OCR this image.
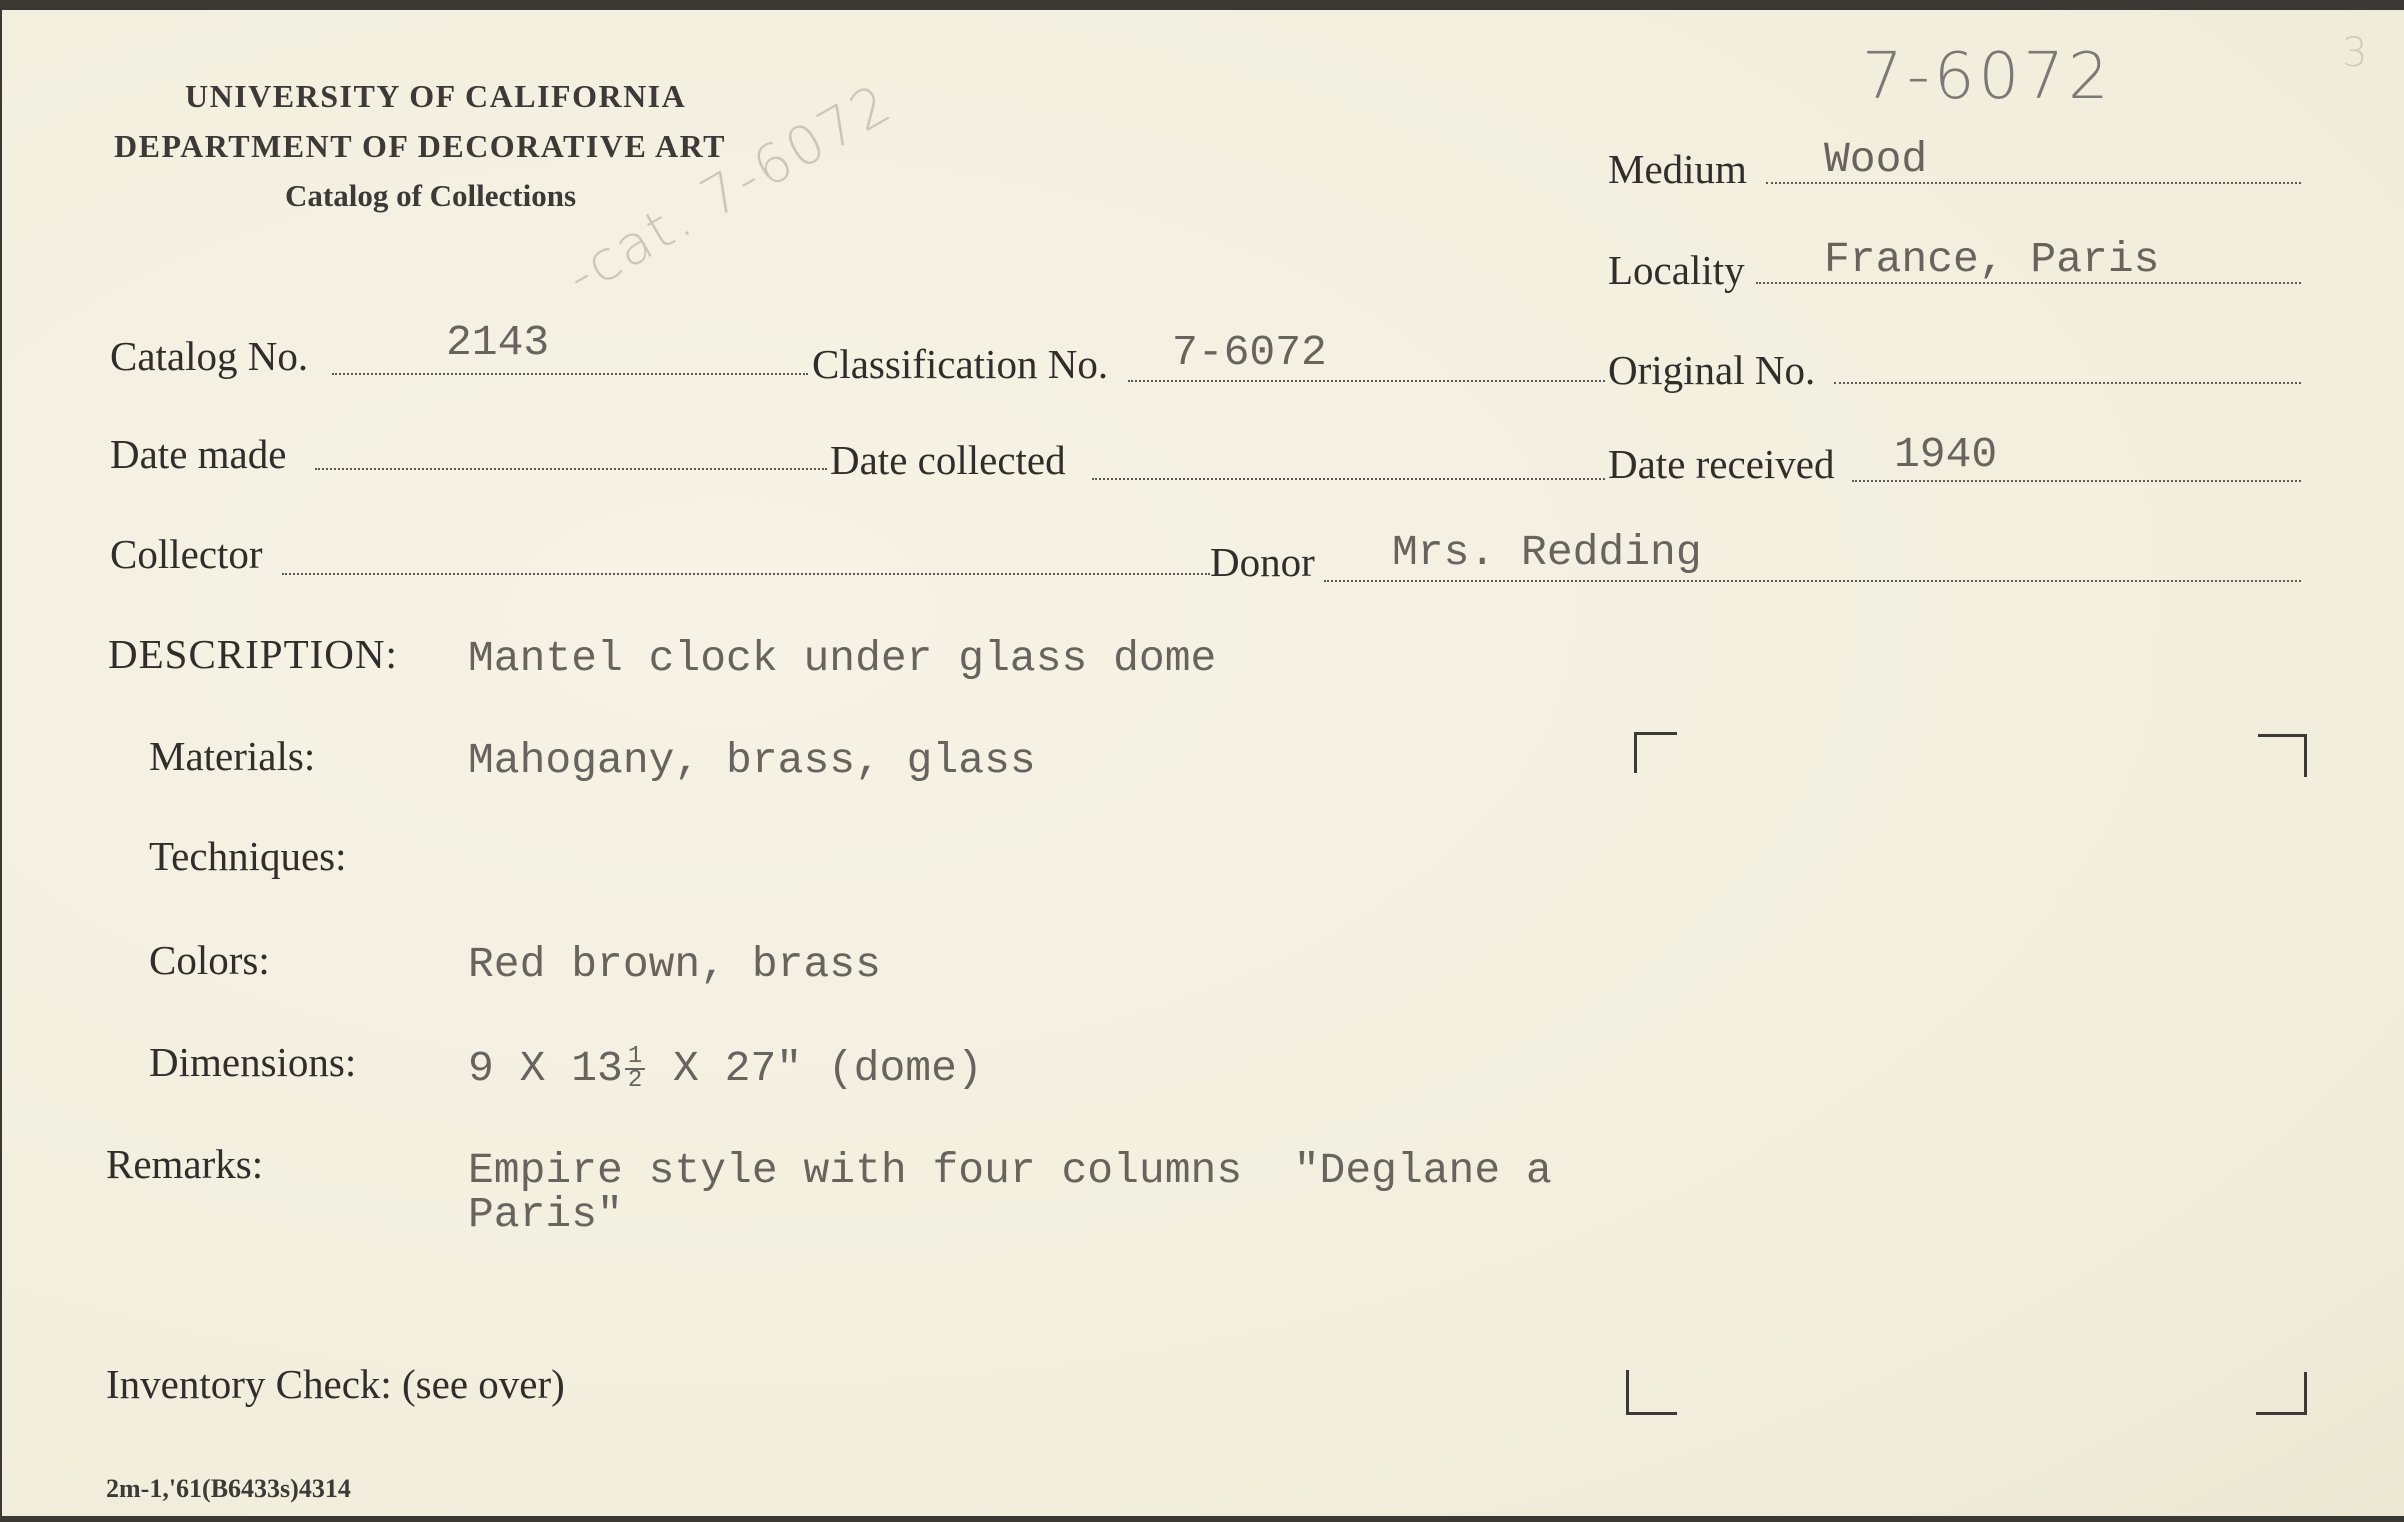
UNIVERSITY OF CALIFORNIA
DEPARTMENT OF DECORATIVE ART
Catalog of Collections
3
7-6072
-cat. 7-6072	Medium Wood
Locality France, Paris
Catalog No.	2143	Classification No. 7-6072	Original No.
Date made	Date collected	Date received 1940
Collector	Donor Mrs. Redding
DESCRIPTION: Mantel clock under glass dome
Materials:	Mahogany, brass, glass
Techniques:
Colors:	Red brown, brass
Dimensions:	9 X $13 \frac{1}{2}$ X 27" (dome)
Remarks:	Empire style with four columns  "Deglane a
Paris"
Inventory Check: (see over)
2m-1,'61(B6433s)4314
